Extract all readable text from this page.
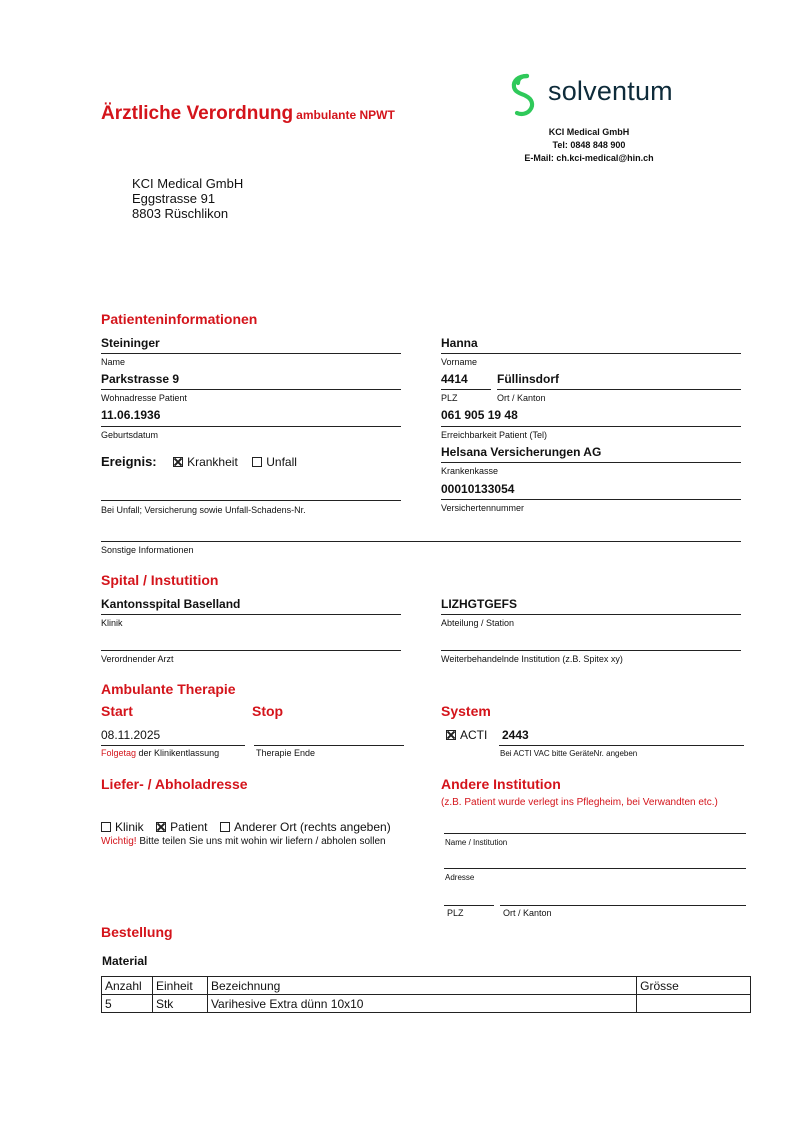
Ärztliche Verordnung ambulante NPWT
solventum
KCI Medical GmbH
Tel: 0848 848 900
E-Mail: ch.kci-medical@hin.ch
KCI Medical GmbH
Eggstrasse 91
8803 Rüschlikon
Patienteninformationen
Steininger
Name
Hanna
Vorname
Parkstrasse 9
Wohnadresse Patient
4414
PLZ
Füllinsdorf
Ort / Kanton
11.06.1936
Geburtsdatum
061 905 19 48
Erreichbarkeit Patient (Tel)
Ereignis:	Krankheit Unfall
Helsana Versicherungen AG
Krankenkasse
00010133054
Versichertennummer
Bei Unfall; Versicherung sowie Unfall-Schadens-Nr.
Sonstige Informationen
Spital / Instutition
Kantonsspital Baselland
Klinik
LIZHGTGEFS
Abteilung / Station
Verordnender Arzt	Weiterbehandelnde Institution (z.B. Spitex xy)
Ambulante Therapie
Start	Stop	System
08.11.2025
Folgetag der Klinikentlassung	Therapie Ende
ACTI 2443
Bei ACTI VAC bitte GeräteNr. angeben
Liefer- / Abholadresse
Klinik Patient Anderer Ort (rechts angeben)
Wichtig! Bitte teilen Sie uns mit wohin wir liefern / abholen sollen
Andere Institution
(z.B. Patient wurde verlegt ins Pflegheim, bei Verwandten etc.)
Name / Institution
Adresse
PLZ	Ort / Kanton
Bestellung
Material
Anzahl	Einheit	Bezeichnung	Grösse
5	Stk	Varihesive Extra dünn 10x10	
